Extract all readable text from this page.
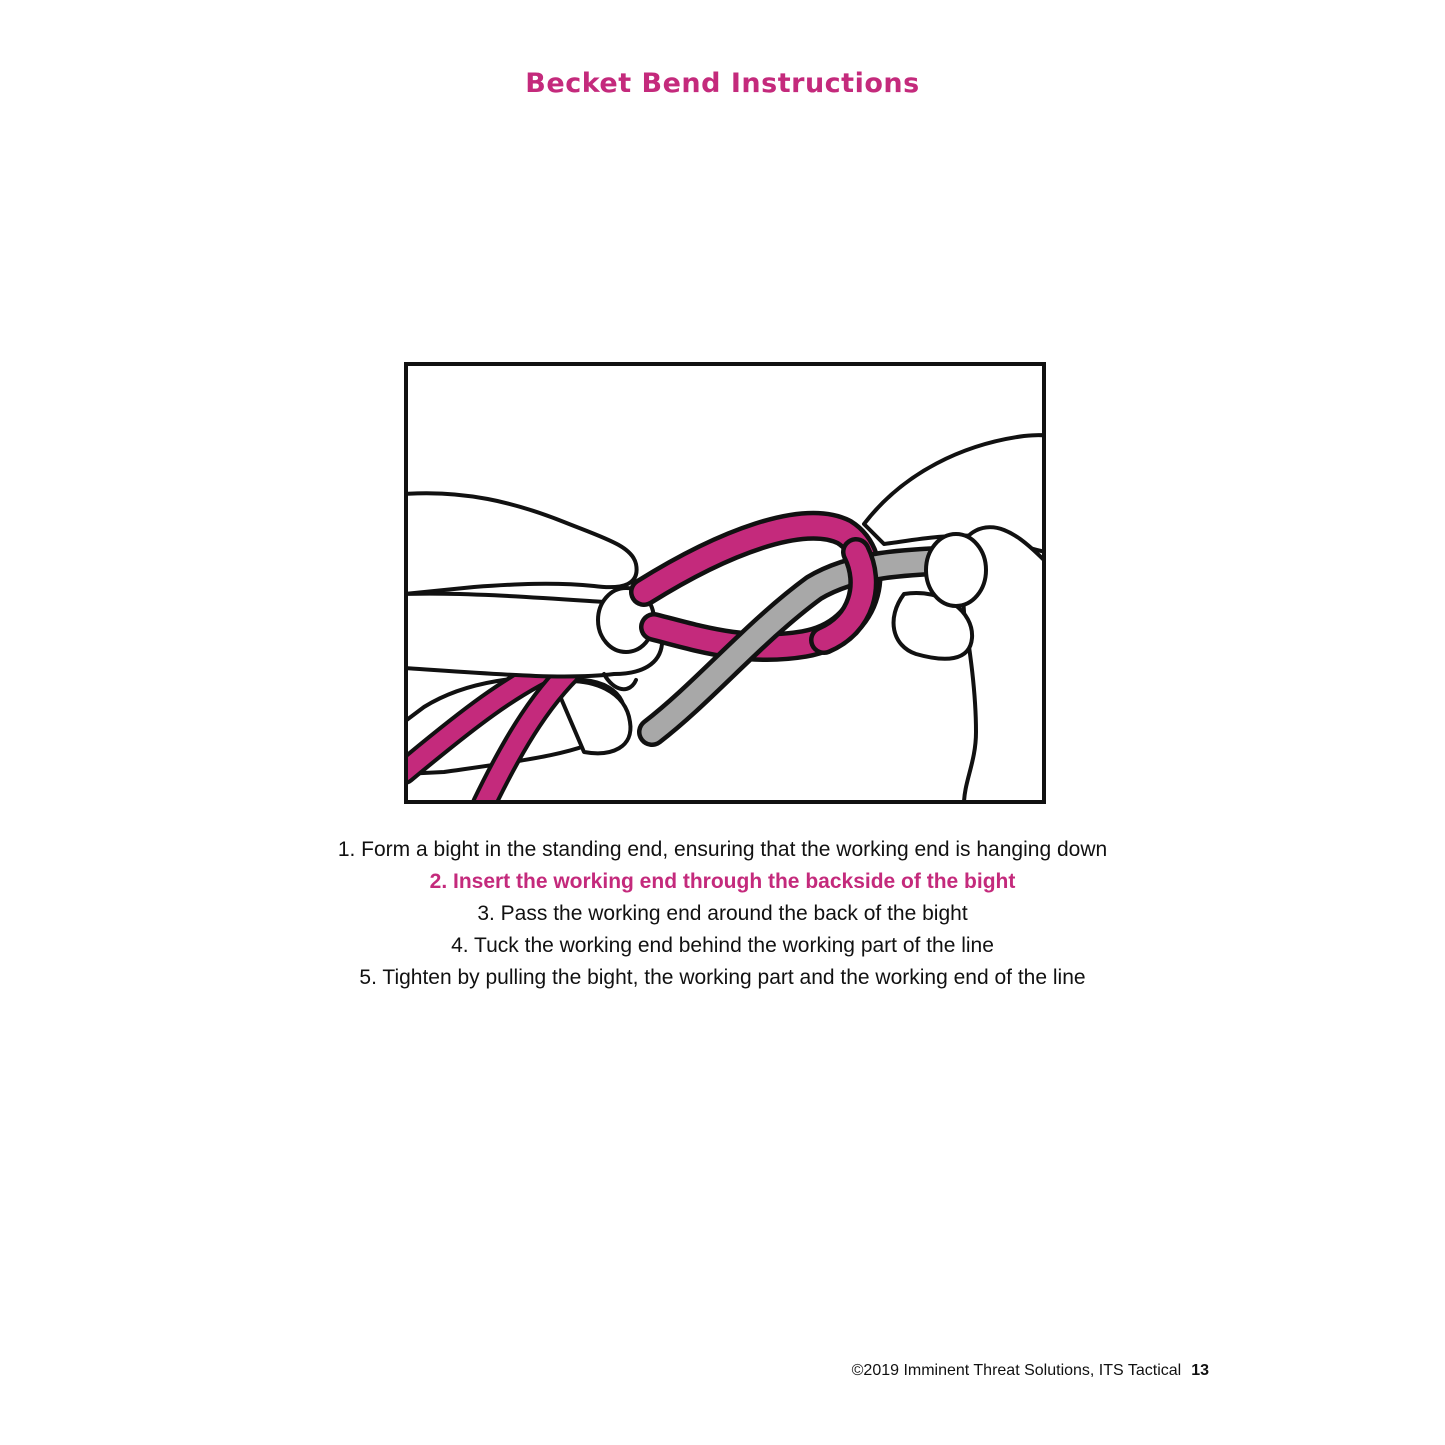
Becket Bend Instructions
1. Form a bight in the standing end, ensuring that the working end is hanging down
2. Insert the working end through the backside of the bight
3. Pass the working end around the back of the bight
4. Tuck the working end behind the working part of the line
5. Tighten by pulling the bight, the working part and the working end of the line
©2019 Imminent Threat Solutions, ITS Tactical 13
